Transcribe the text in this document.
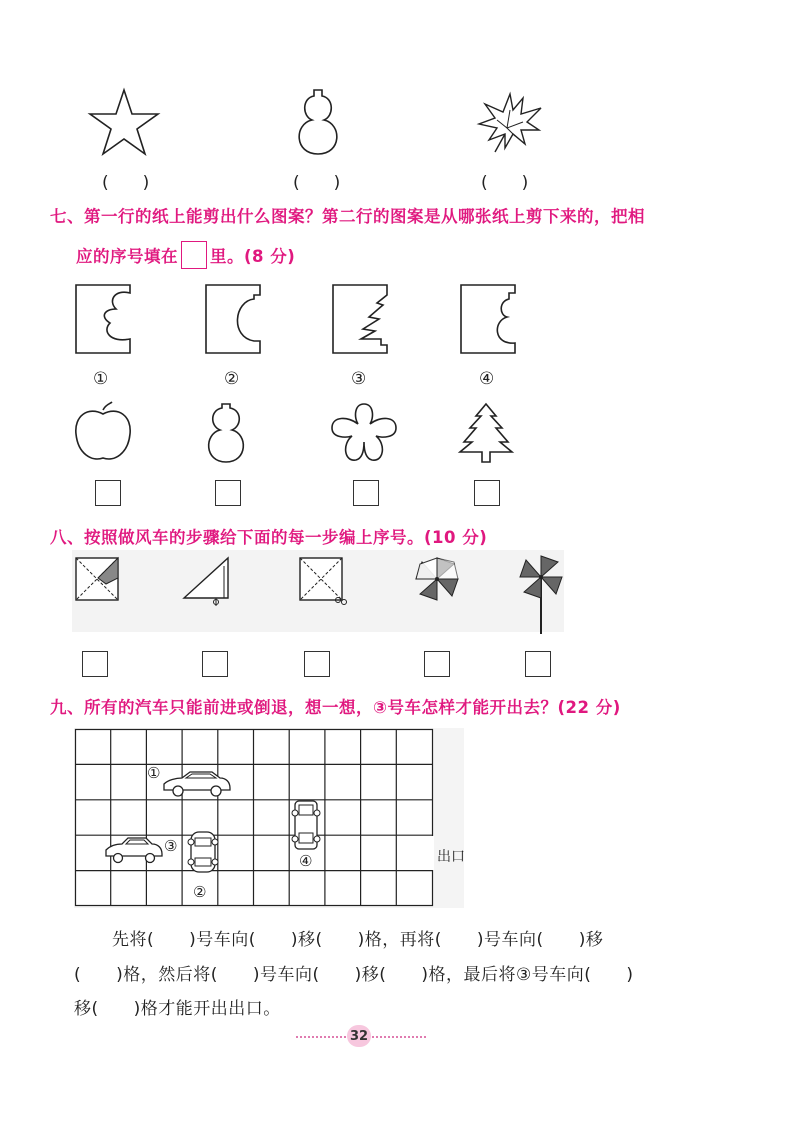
(　　)	(　　)	(　　)
七、第一行的纸上能剪出什么图案？第二行的图案是从哪张纸上剪下来的，把相
应的序号填在 里。(8 分)
①	②	③	④
八、按照做风车的步骤给下面的每一步编上序号。(10 分)
九、所有的汽车只能前进或倒退，想一想，③号车怎样才能开出去？(22 分)
①
④
③
②
出口
先将(　　)号车向(　　)移(　　)格，再将(　　)号车向(　　)移
(　　)格，然后将(　　)号车向(　　)移(　　)格，最后将③号车向(　　)
移(　　)格才能开出出口。
32
